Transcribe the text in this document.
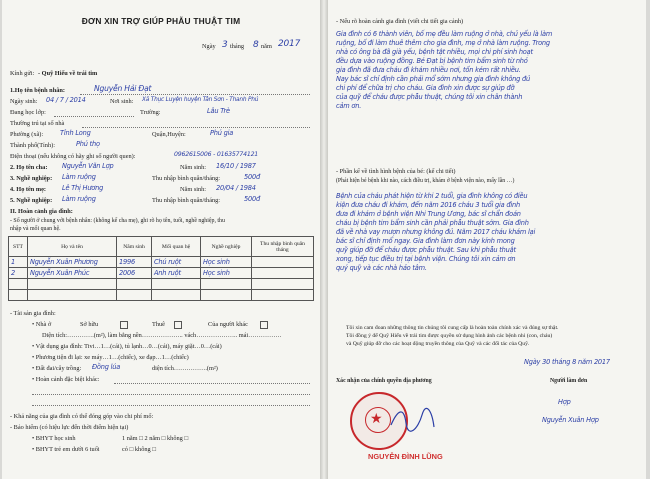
ĐƠN XIN TRỢ GIÚP PHẪU THUẬT TIM
Ngày 3 tháng 8 năm 2017
Kính gửi: - Quỹ Hiếu về trái tim
1.Họ tên bệnh nhân:	Nguyễn Hải Đạt
Ngày sinh: 04 / 7 / 2014	Nơi sinh: Xã Thục Luyện huyện Tân Sơn - Thanh Phú
Đang học lớp:	Trường:	Lâu Trè
Thường trú tại số nhà
Phường (xã):	Tỉnh Long	Quận,Huyện:	Phú gia
Thành phố(Tỉnh):	Phú thọ
Điện thoại (nếu không có hãy ghi số người quen):	0962615006 - 01635774121
2. Họ tên cha: Nguyễn Văn Lợp	Năm sinh: 16/10 / 1987
3. Nghề nghiệp: Làm ruộng	Thu nhập bình quân/tháng:	500đ
4. Họ tên mẹ: Lê Thị Hương	Năm sinh: 20/04 / 1984
5. Nghề nghiệp: Làm ruộng	Thu nhập bình quân/tháng:	500đ
II. Hoàn cảnh gia đình:
- Số người ở chung với bệnh nhân: (không kể cha mẹ), ghi rõ họ tên, tuổi, nghề nghiệp, thu
nhập và mối quan hệ.
STT	Họ và tên	Năm sinh	Mối quan hệ	Nghề nghiệp	Thu nhập bình quân tháng
1	Nguyễn Xuân Phương	1996	Chú ruột	Học sinh	
2	Nguyễn Xuân Phúc	2006	Anh ruột	Học sinh	

- Tài sản gia đình:
• Nhà ở	Sở hữu	Thuê	Của người khác
Diện tích:………….(m²), làm bằng nền……………….. vách……………….. mái…………….
• Vật dụng gia đình: Tivi…1…(cái), tủ lạnh…0…(cái), máy giặt…0…(cái)
• Phương tiện đi lại: xe máy…1…(chiếc), xe đạp…1…(chiếc)
• Đất đai/cây trồng: Đồng lúa	diện tích…………….(m²)
• Hoàn cảnh đặc biệt khác:
- Khả năng của gia đình có thể đóng góp vào chi phí mổ:
- Bảo hiểm (có hiệu lực đến thời điểm hiện tại)
• BHYT học sinh	1 năm □ 2 năm □ không □
• BHYT trẻ em dưới 6 tuổi	có □ không □
- Nếu rõ hoàn cảnh gia đình (viết chi tiết gia cảnh)
Gia đình có 6 thành viên, bố mẹ đều làm ruộng ở nhà, chủ yếu là làm
ruộng, bố đi làm thuê thêm cho gia đình, mẹ ở nhà làm ruộng. Trong
nhà có ông bà đã già yếu, bệnh tật nhiều, mọi chi phí sinh hoạt
đều dựa vào ruộng đồng. Bé Đạt bị bệnh tim bẩm sinh từ nhỏ
gia đình đã đưa cháu đi khám nhiều nơi, tốn kém rất nhiều.
Nay bác sĩ chỉ định cần phải mổ sớm nhưng gia đình không đủ
chi phí để chữa trị cho cháu. Gia đình xin được sự giúp đỡ
của quỹ để cháu được phẫu thuật, chúng tôi xin chân thành
cảm ơn.
- Phần kể về tình hình bệnh của bé: (kể chi tiết)
(Phát hiện bé bệnh khi nào, cách điều trị, khám ở bệnh viện nào, mấy lần …)
Bệnh của cháu phát hiện từ khi 2 tuổi, gia đình không có điều
kiện đưa cháu đi khám, đến năm 2016 cháu 3 tuổi gia đình
đưa đi khám ở bệnh viện Nhi Trung Ương, bác sĩ chẩn đoán
cháu bị bệnh tim bẩm sinh cần phải phẫu thuật sớm. Gia đình
đã về nhà vay mượn nhưng không đủ. Năm 2017 cháu khám lại
bác sĩ chỉ định mổ ngay. Gia đình làm đơn này kính mong
quỹ giúp đỡ để cháu được phẫu thuật. Sau khi phẫu thuật
xong, tiếp tục điều trị tại bệnh viện. Chúng tôi xin cảm ơn
quý quỹ và các nhà hảo tâm.
Tôi xin cam đoan những thông tin chúng tôi cung cấp là hoàn toàn chính xác và đúng sự thật.
Tôi đồng ý để Quỹ Hiếu về trái tim được quyền sử dụng hình ảnh các bệnh nhi (con, cháu)
và Quỹ giúp đỡ cho các hoạt động truyền thông của Quỹ và các đối tác của Quỹ.
Ngày 30 tháng 8 năm 2017
Xác nhận của chính quyền địa phương	Người làm đơn
★
NGUYỄN ĐÌNH LŨNG
Hợp
Nguyễn Xuân Hợp
